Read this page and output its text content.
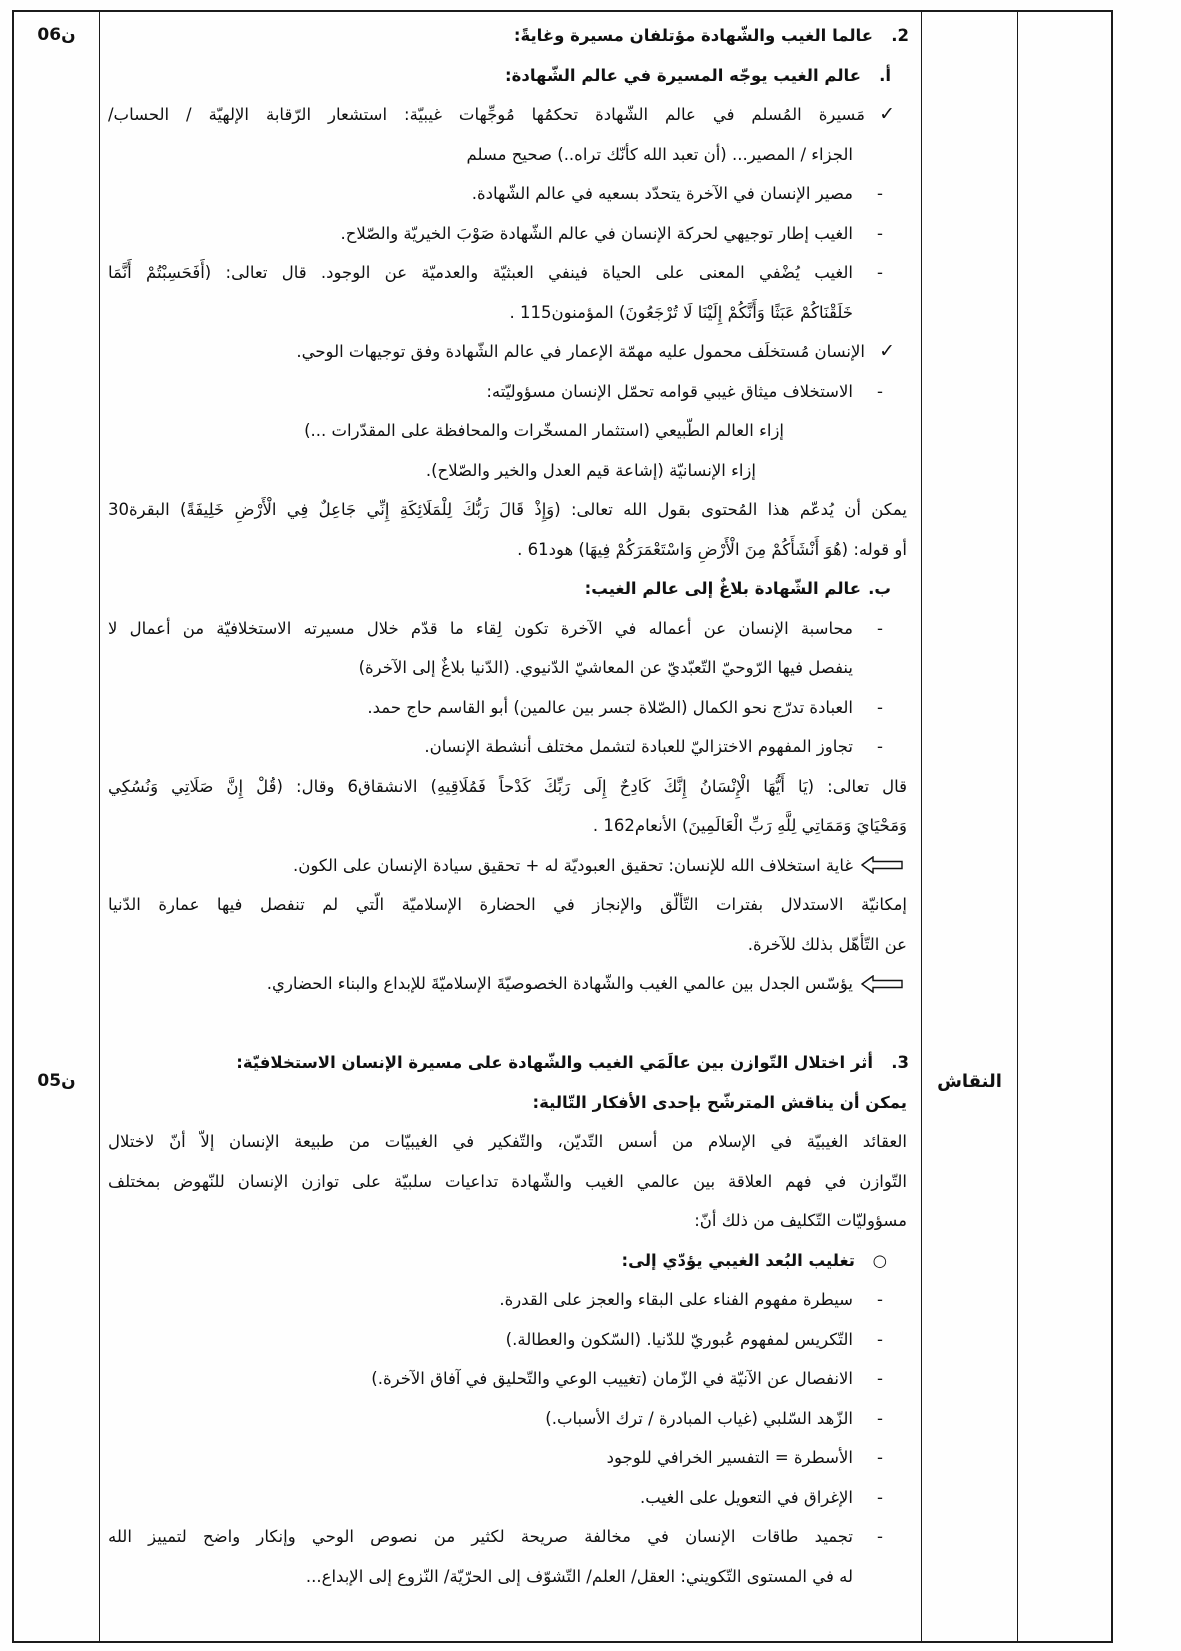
06ن
05ن
2.
عالما الغيب والشّهادة مؤتلفان مسيرة وغايةً:
أ.
عالم الغيب يوجّه المسيرة في عالم الشّهادة:
✓
مَسيرة المُسلم في عالم الشّهادة تحكمُها مُوجِّهات غيبيّة: استشعار الرّقابة الإلهيّة / الحساب/
الجزاء / المصير... (أن تعبد الله كأنّك تراه..) صحيح مسلم
-
مصير الإنسان في الآخرة يتحدّد بسعيه في عالم الشّهادة.
-
الغيب إطار توجيهي لحركة الإنسان في عالم الشّهادة صَوْبَ الخيريّة والصّلاح.
-
الغيب يُضْفي المعنى على الحياة فينفي العبثيّة والعدميّة عن الوجود. قال تعالى: (أَفَحَسِبْتُمْ أَنَّمَا
خَلَقْنَاكُمْ عَبَثًا وَأَنَّكُمْ إِلَيْنَا لَا تُرْجَعُونَ) المؤمنون115 .
✓
الإنسان مُستخلَف محمول عليه مهمّة الإعمار في عالم الشّهادة وفق توجيهات الوحي.
-
الاستخلاف ميثاق غيبي قوامه تحمّل الإنسان مسؤوليّته:
إزاء العالم الطّبيعي (استثمار المسخّرات والمحافظة على المقدّرات ...)
إزاء الإنسانيّة (إشاعة قيم العدل والخير والصّلاح).
يمكن أن يُدعّم هذا المُحتوى بقول الله تعالى: (وَإِذْ قَالَ رَبُّكَ لِلْمَلَائِكَةِ إِنِّي جَاعِلٌ فِي الْأَرْضِ خَلِيفَةً) البقرة30
أو قوله: (هُوَ أَنْشَأَكُمْ مِنَ الْأَرْضِ وَاسْتَعْمَرَكُمْ فِيهَا) هود61 .
ب.
عالم الشّهادة بلاغٌ إلى عالم الغيب:
-
محاسبة الإنسان عن أعماله في الآخرة تكون لِقاء ما قدّم خلال مسيرته الاستخلافيّة من أعمال لا
ينفصل فيها الرّوحيّ التّعبّديّ عن المعاشيّ الدّنيوي. (الدّنيا بلاغٌ إلى الآخرة)
-
العبادة تدرّج نحو الكمال (الصّلاة جسر بين عالمين) أبو القاسم حاج حمد.
-
تجاوز المفهوم الاختزاليّ للعبادة لتشمل مختلف أنشطة الإنسان.
قال تعالى: (يَا أَيُّهَا الْإِنْسَانُ إِنَّكَ كَادِحٌ إِلَى رَبِّكَ كَدْحاً فَمُلَاقِيهِ) الانشقاق6 وقال: (قُلْ إِنَّ صَلَاتِي وَنُسُكِي
وَمَحْيَايَ وَمَمَاتِي لِلَّهِ رَبِّ الْعَالَمِينَ) الأنعام162 .
غاية استخلاف الله للإنسان: تحقيق العبوديّة له + تحقيق سيادة الإنسان على الكون.
إمكانيّة الاستدلال بفترات التّألّق والإنجاز في الحضارة الإسلاميّة الّتي لم تنفصل فيها عمارة الدّنيا
عن التّأهّل بذلك للآخرة.
يؤسّس الجدل بين عالمي الغيب والشّهادة الخصوصيّةَ الإسلاميّةَ للإبداع والبناء الحضاري.
3.
أثر اختلال التّوازن بين عالَمَي الغيب والشّهادة على مسيرة الإنسان الاستخلافيّة:
يمكن أن يناقش المترشّح بإحدى الأفكار التّالية:
العقائد الغيبيّة في الإسلام من أسس التّديّن، والتّفكير في الغيبيّات من طبيعة الإنسان إلاّ أنّ لاختلال
التّوازن في فهم العلاقة بين عالمي الغيب والشّهادة تداعيات سلبيّة على توازن الإنسان للنّهوض بمختلف
مسؤوليّات التّكليف من ذلك أنّ:
○
تغليب البُعد الغيبي يؤدّي إلى:
-
سيطرة مفهوم الفناء على البقاء والعجز على القدرة.
-
التّكريس لمفهوم عُبوريّ للدّنيا. (السّكون والعطالة.)
-
الانفصال عن الآنيّة في الزّمان (تغييب الوعي والتّحليق في آفاق الآخرة.)
-
الزّهد السّلبي (غياب المبادرة / ترك الأسباب.)
-
الأسطرة = التفسير الخرافي للوجود
-
الإغراق في التعويل على الغيب.
-
تجميد طاقات الإنسان في مخالفة صريحة لكثير من نصوص الوحي وإنكار واضح لتمييز الله
له في المستوى التّكويني: العقل/ العلم/ التّشوّف إلى الحرّيّة/ النّزوع إلى الإبداع...
النقاش
